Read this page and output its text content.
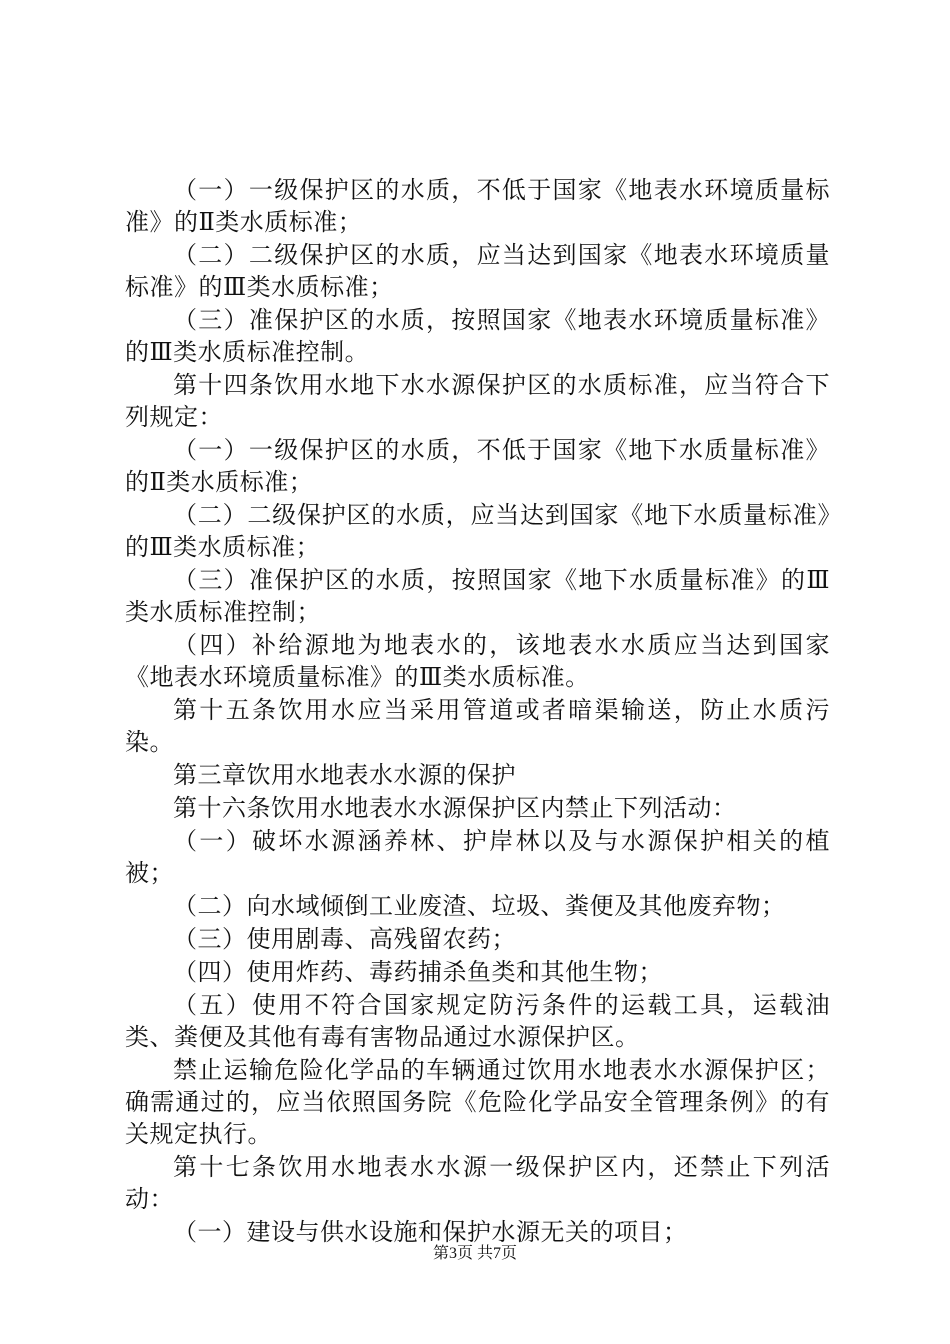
（一）一级保护区的水质，不低于国家《地表水环境质量标准》的Ⅱ类水质标准；

（二）二级保护区的水质，应当达到国家《地表水环境质量标准》的Ⅲ类水质标准；

（三）准保护区的水质，按照国家《地表水环境质量标准》的Ⅲ类水质标准控制。

第十四条饮用水地下水水源保护区的水质标准，应当符合下列规定：

（一）一级保护区的水质，不低于国家《地下水质量标准》的Ⅱ类水质标准；

（二）二级保护区的水质，应当达到国家《地下水质量标准》的Ⅲ类水质标准；

（三）准保护区的水质，按照国家《地下水质量标准》的Ⅲ类水质标准控制；

（四）补给源地为地表水的，该地表水水质应当达到国家《地表水环境质量标准》的Ⅲ类水质标准。

第十五条饮用水应当采用管道或者暗渠输送，防止水质污染。

第三章饮用水地表水水源的保护

第十六条饮用水地表水水源保护区内禁止下列活动：

（一）破坏水源涵养林、护岸林以及与水源保护相关的植被；

（二）向水域倾倒工业废渣、垃圾、粪便及其他废弃物；

（三）使用剧毒、高残留农药；

（四）使用炸药、毒药捕杀鱼类和其他生物；

（五）使用不符合国家规定防污条件的运载工具，运载油类、粪便及其他有毒有害物品通过水源保护区。

禁止运输危险化学品的车辆通过饮用水地表水水源保护区；确需通过的，应当依照国务院《危险化学品安全管理条例》的有关规定执行。

第十七条饮用水地表水水源一级保护区内，还禁止下列活动：

（一）建设与供水设施和保护水源无关的项目；

第3页 共7页
